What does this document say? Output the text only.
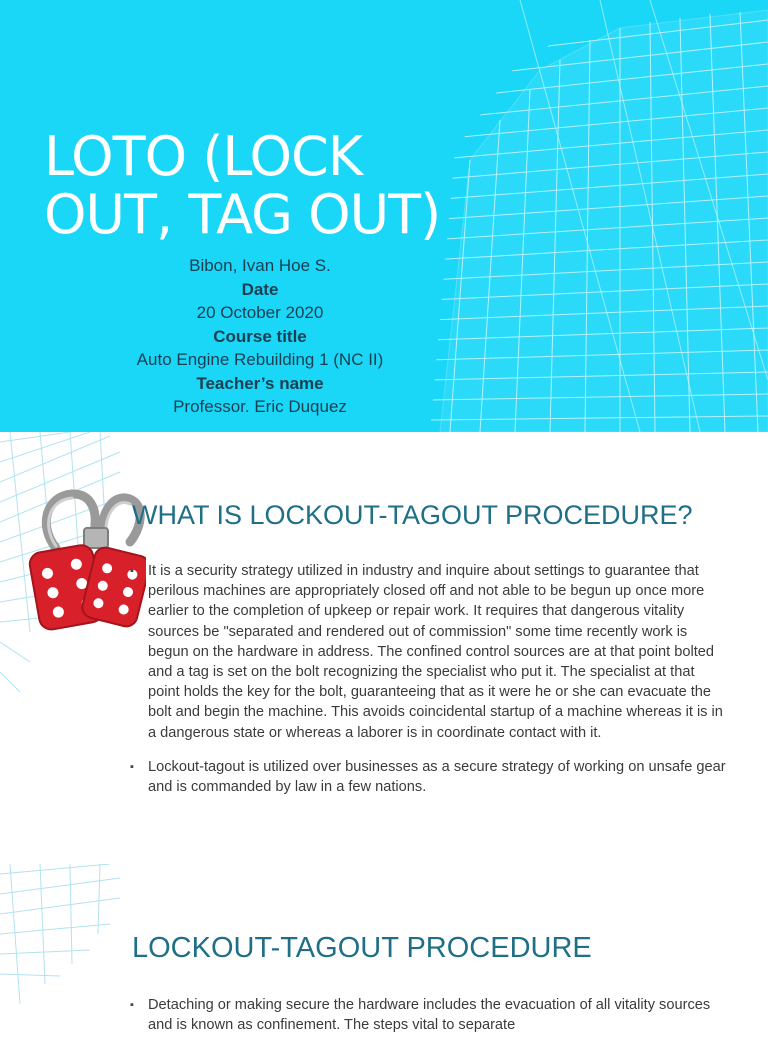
LOTO (LOCK OUT, TAG OUT)
Bibon, Ivan Hoe S.
Date
20 October 2020
Course title
Auto Engine Rebuilding 1 (NC II)
Teacher’s name
Professor. Eric Duquez
WHAT IS LOCKOUT-TAGOUT PROCEDURE?
▪ It is a security strategy utilized in industry and inquire about settings to guarantee that perilous machines are appropriately closed off and not able to be begun up once more earlier to the completion of upkeep or repair work. It requires that dangerous vitality sources be "separated and rendered out of commission" some time recently work is begun on the hardware in address. The confined control sources are at that point bolted and a tag is set on the bolt recognizing the specialist who put it. The specialist at that point holds the key for the bolt, guaranteeing that as it were he or she can evacuate the bolt and begin the machine. This avoids coincidental startup of a machine whereas it is in a dangerous state or whereas a laborer is in coordinate contact with it.
▪ Lockout-tagout is utilized over businesses as a secure strategy of working on unsafe gear and is commanded by law in a few nations.
LOCKOUT-TAGOUT PROCEDURE
▪ Detaching or making secure the hardware includes the evacuation of all vitality sources and is known as confinement. The steps vital to separate
